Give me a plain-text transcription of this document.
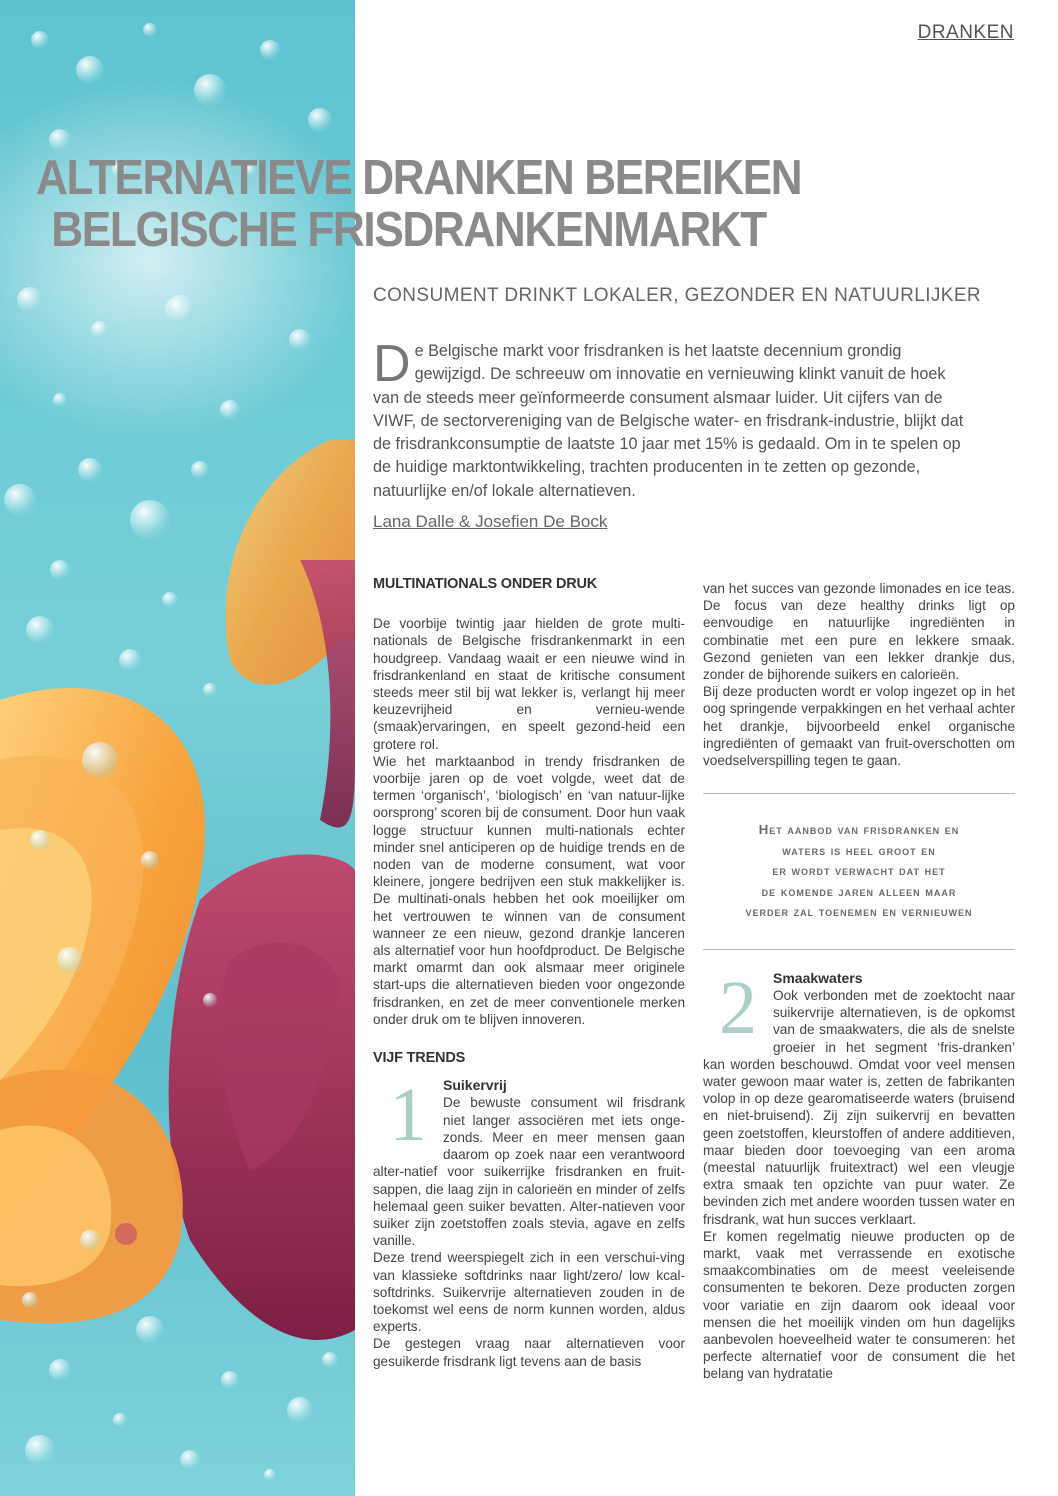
DRANKEN
ALTERNATIEVE DRANKEN BEREIKEN
BELGISCHE FRISDRANKENMARKT
CONSUMENT DRINKT LOKALER, GEZONDER EN NATUURLIJKER

De Belgische markt voor frisdranken is het laatste decennium grondig gewijzigd. De schreeuw om innovatie en vernieuwing klinkt vanuit de hoek van de steeds meer geïnformeerde consument alsmaar luider. Uit cijfers van de VIWF, de sectorvereniging van de Belgische water- en frisdrank-industrie, blijkt dat de frisdrankconsumptie de laatste 10 jaar met 15% is gedaald. Om in te spelen op de huidige marktontwikkeling, trachten producenten in te zetten op gezonde, natuurlijke en/of lokale alternatieven.

Lana Dalle & Josefien De Bock
MULTINATIONALS ONDER DRUK

De voorbije twintig jaar hielden de grote multi-nationals de Belgische frisdrankenmarkt in een houdgreep. Vandaag waait er een nieuwe wind in frisdrankenland en staat de kritische consument steeds meer stil bij wat lekker is, verlangt hij meer keuzevrijheid en vernieu-wende (smaak)ervaringen, en speelt gezond-heid een grotere rol.

Wie het marktaanbod in trendy frisdranken de voorbije jaren op de voet volgde, weet dat de termen ‘organisch’, ‘biologisch’ en ‘van natuur-lijke oorsprong’ scoren bij de consument. Door hun vaak logge structuur kunnen multi-nationals echter minder snel anticiperen op de huidige trends en de noden van de moderne consument, wat voor kleinere, jongere bedrijven een stuk makkelijker is. De multinati-onals hebben het ook moeilijker om het vertrouwen te winnen van de consument wanneer ze een nieuw, gezond drankje lanceren als alternatief voor hun hoofdproduct. De Belgische markt omarmt dan ook alsmaar meer originele start-ups die alternatieven bieden voor ongezonde frisdranken, en zet de meer conventionele merken onder druk om te blijven innoveren.

VIJF TRENDS
1	Suikervrij

De bewuste consument wil frisdrank niet langer associëren met iets onge-zonds. Meer en meer mensen gaan daarom op zoek naar een verantwoord alter-natief voor suikerrijke frisdranken en fruit-sappen, die laag zijn in calorieën en minder of zelfs helemaal geen suiker bevatten. Alter-natieven voor suiker zijn zoetstoffen zoals stevia, agave en zelfs vanille.

Deze trend weerspiegelt zich in een verschui-ving van klassieke softdrinks naar light/zero/ low kcal-softdrinks. Suikervrije alternatieven zouden in de toekomst wel eens de norm kunnen worden, aldus experts.

De gestegen vraag naar alternatieven voor gesuikerde frisdrank ligt tevens aan de basis

van het succes van gezonde limonades en ice teas. De focus van deze healthy drinks ligt op eenvoudige en natuurlijke ingrediënten in combinatie met een pure en lekkere smaak. Gezond genieten van een lekker drankje dus, zonder de bijhorende suikers en calorieën.

Bij deze producten wordt er volop ingezet op in het oog springende verpakkingen en het verhaal achter het drankje, bijvoorbeeld enkel organische ingrediënten of gemaakt van fruit-overschotten om voedselverspilling tegen te gaan.

Het aanbod van frisdranken en
waters is heel groot en
er wordt verwacht dat het
de komende jaren alleen maar
verder zal toenemen en vernieuwen
2	Smaakwaters

Ook verbonden met de zoektocht naar suikervrije alternatieven, is de opkomst van de smaakwaters, die als de snelste groeier in het segment ‘fris-dranken’ kan worden beschouwd. Omdat voor veel mensen water gewoon maar water is, zetten de fabrikanten volop in op deze gearomatiseerde waters (bruisend en niet-bruisend). Zij zijn suikervrij en bevatten geen zoetstoffen, kleurstoffen of andere additieven, maar bieden door toevoeging van een aroma (meestal natuurlijk fruitextract) wel een vleugje extra smaak ten opzichte van puur water. Ze bevinden zich met andere woorden tussen water en frisdrank, wat hun succes verklaart.

Er komen regelmatig nieuwe producten op de markt, vaak met verrassende en exotische smaakcombinaties om de meest veeleisende consumenten te bekoren. Deze producten zorgen voor variatie en zijn daarom ook ideaal voor mensen die het moeilijk vinden om hun dagelijks aanbevolen hoeveelheid water te consumeren: het perfecte alternatief voor de consument die het belang van hydratatie
